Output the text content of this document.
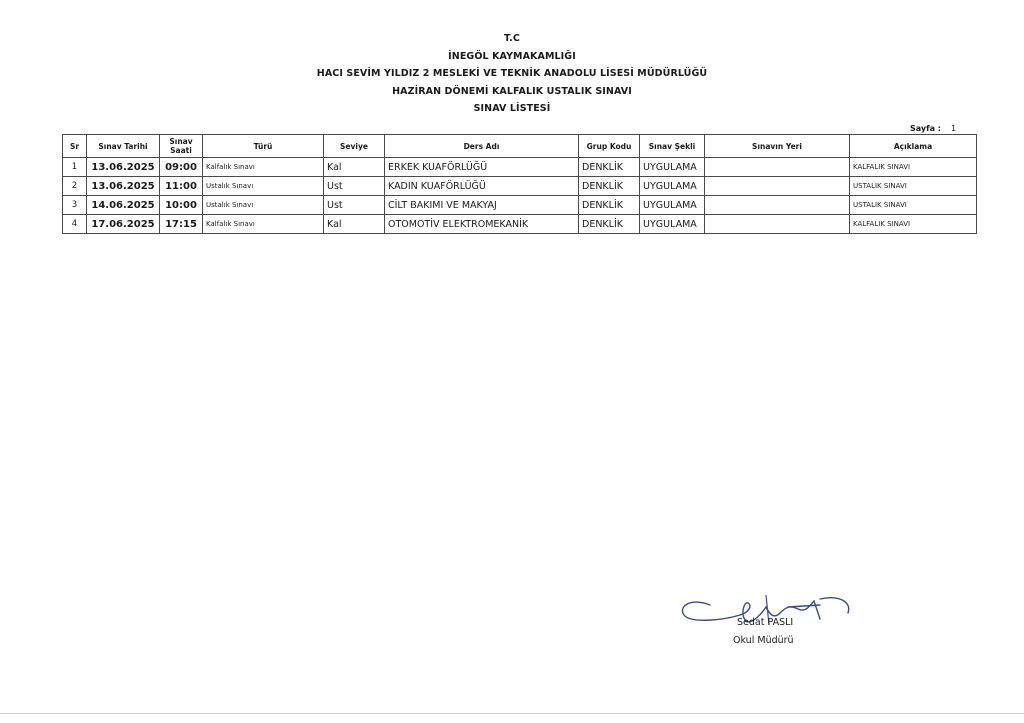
T.C
İNEGÖL KAYMAKAMLIĞI
HACI SEVİM YILDIZ 2 MESLEKİ VE TEKNİK ANADOLU LİSESİ MÜDÜRLÜĞÜ
HAZİRAN DÖNEMİ KALFALIK USTALIK SINAVI
SINAV LİSTESİ
Sayfa : 1
Sr	Sınav Tarihi	Sınav Saati	Türü	Seviye	Ders Adı	Grup Kodu	Sınav Şekli	Sınavın Yeri	Açıklama
1	13.06.2025	09:00	Kalfalık Sınavı	Kal	ERKEK KUAFÖRLÜĞÜ	DENKLİK	UYGULAMA		KALFALIK SINAVI
2	13.06.2025	11:00	Ustalık Sınavı	Ust	KADIN KUAFÖRLÜĞÜ	DENKLİK	UYGULAMA		USTALIK SINAVI
3	14.06.2025	10:00	Ustalık Sınavı	Ust	CİLT BAKIMI VE MAKYAJ	DENKLİK	UYGULAMA		USTALIK SINAVI
4	17.06.2025	17:15	Kalfalık Sınavı	Kal	OTOMOTİV ELEKTROMEKANİK	DENKLİK	UYGULAMA		KALFALIK SINAVI
Sedat PASLI
Okul Müdürü
